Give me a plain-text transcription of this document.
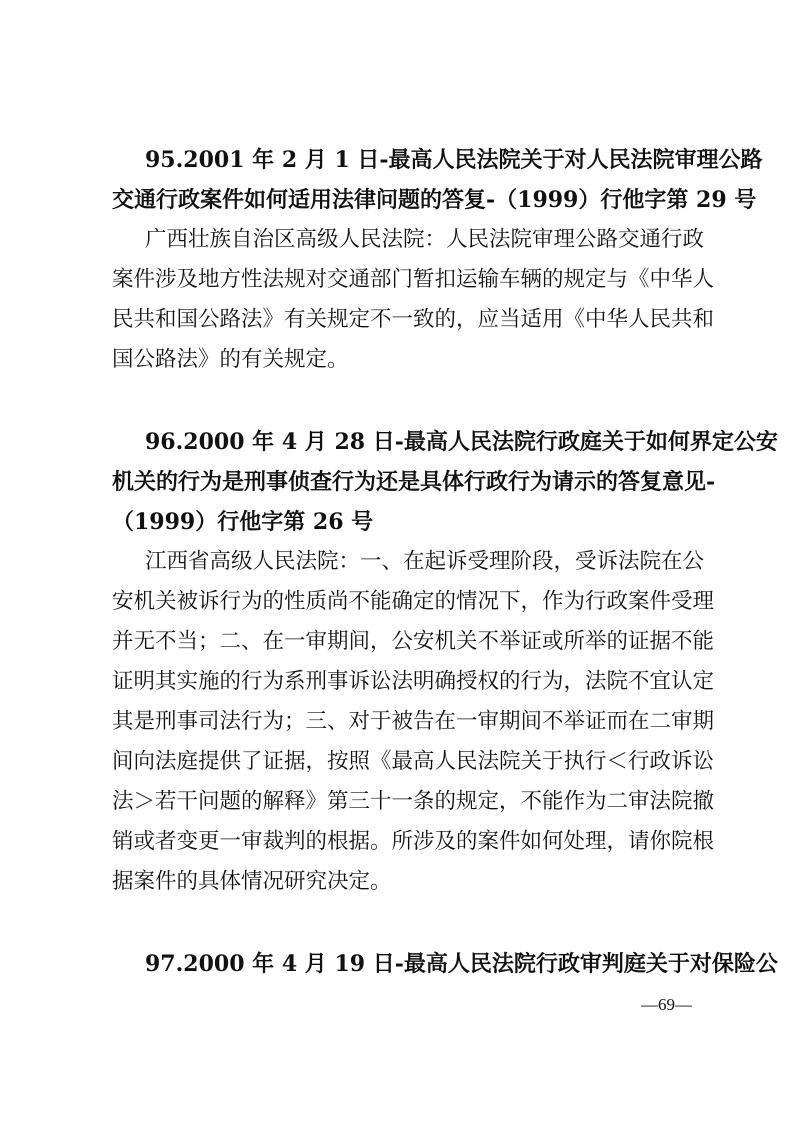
95.2001 年 2 月 1 日-最高人民法院关于对人民法院审理公路

交通行政案件如何适用法律问题的答复-（1999）行他字第 29 号

广西壮族自治区高级人民法院：人民法院审理公路交通行政

案件涉及地方性法规对交通部门暂扣运输车辆的规定与《中华人

民共和国公路法》有关规定不一致的，应当适用《中华人民共和

国公路法》的有关规定。

96.2000 年 4 月 28 日-最高人民法院行政庭关于如何界定公安

机关的行为是刑事侦查行为还是具体行政行为请示的答复意见-

（1999）行他字第 26 号

江西省高级人民法院：一、在起诉受理阶段，受诉法院在公

安机关被诉行为的性质尚不能确定的情况下，作为行政案件受理

并无不当；二、在一审期间，公安机关不举证或所举的证据不能

证明其实施的行为系刑事诉讼法明确授权的行为，法院不宜认定

其是刑事司法行为；三、对于被告在一审期间不举证而在二审期

间向法庭提供了证据，按照《最高人民法院关于执行＜行政诉讼

法＞若干问题的解释》第三十一条的规定，不能作为二审法院撤

销或者变更一审裁判的根据。所涉及的案件如何处理，请你院根

据案件的具体情况研究决定。

97.2000 年 4 月 19 日-最高人民法院行政审判庭关于对保险公

—69—
